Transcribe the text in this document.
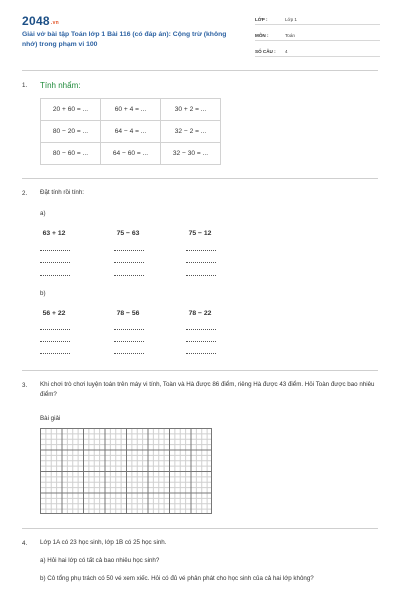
$2048^{.vn}$
Giải vở bài tập Toán lớp 1 Bài 116 (có đáp án): Cộng trừ (không nhớ) trong phạm vi 100
LỚP :	Lớp 1
MÔN :	Toán
SỐ CÂU : 4
1. Tính nhẩm:
20 + 60 = ...	60 + 4 = ...	30 + 2 = ...
80 − 20 = ...	64 − 4 = ...	32 − 2 = ...
80 − 60 = ...	64 − 60 = ...	32 − 30 = ...
2. Đặt tính rồi tính:
a)
63 + 12	75 − 63	75 − 12
b)
56 + 22	78 − 56	78 − 22
3. Khi chơi trò chơi luyện toán trên máy vi tính, Toàn và Hà được 86 điểm, riêng Hà được 43 điểm. Hỏi Toàn được bao nhiêu điểm?
Bài giải
4. Lớp 1A có 23 học sinh, lớp 1B có 25 học sinh.
a) Hỏi hai lớp có tất cả bao nhiêu học sinh?
b) Cô tổng phụ trách có 50 vé xem xiếc. Hỏi có đủ vé phân phát cho học sinh của cả hai lớp không?
